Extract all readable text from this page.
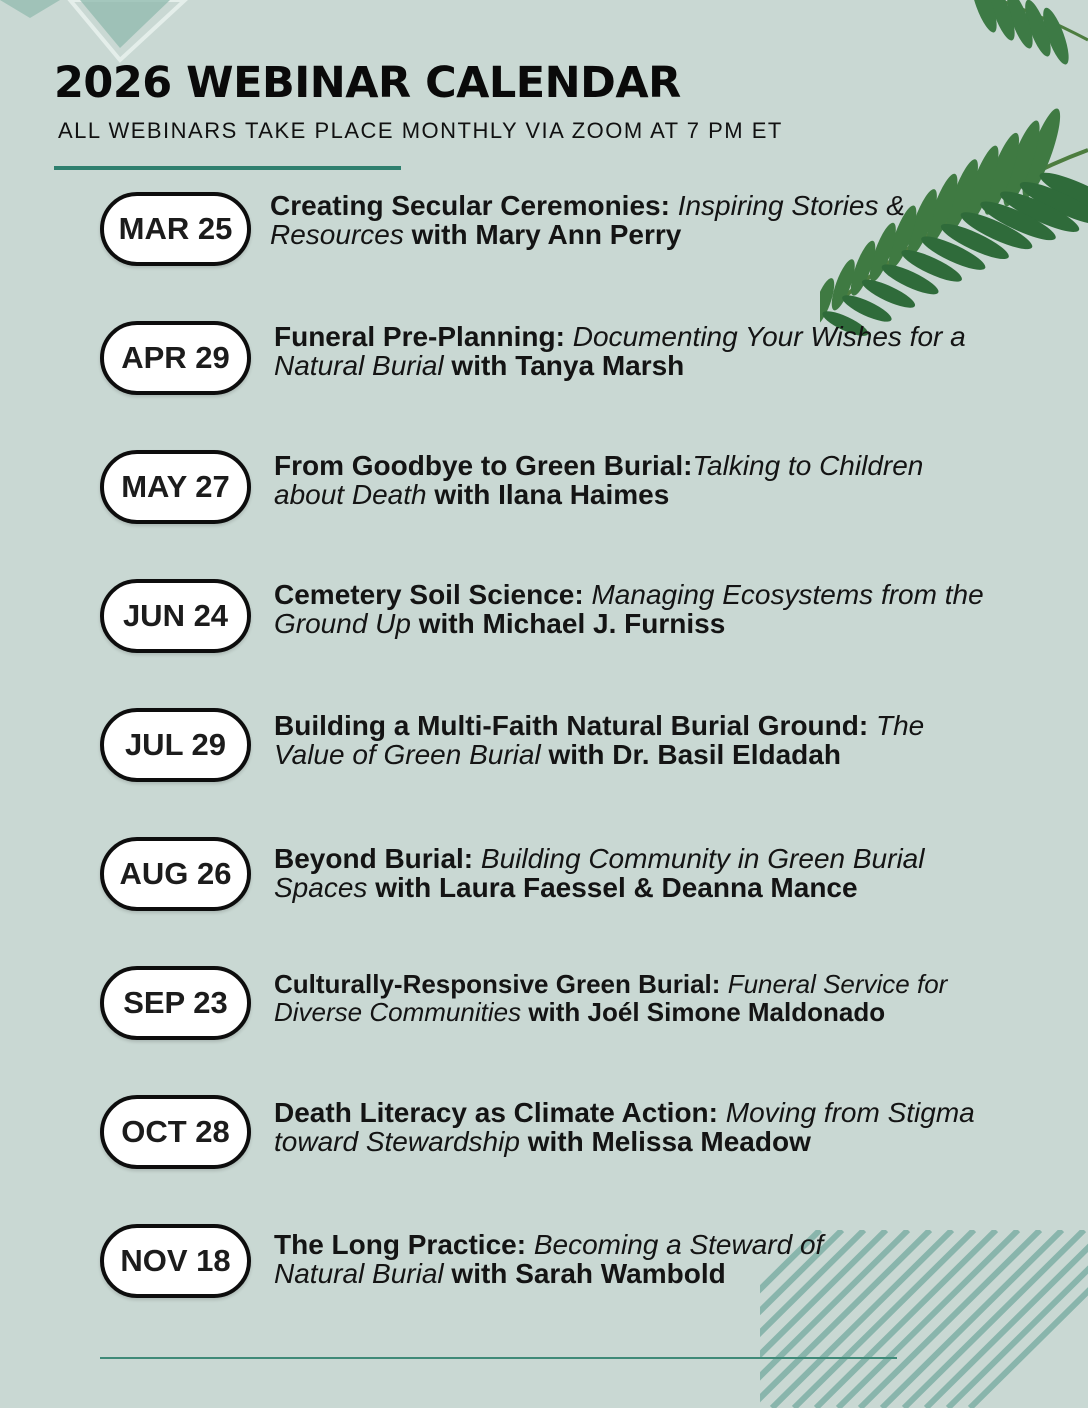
2026 WEBINAR CALENDAR
ALL WEBINARS TAKE PLACE MONTHLY VIA ZOOM AT 7 PM ET
MAR 25
Creating Secular Ceremonies: Inspiring Stories & Resources with Mary Ann Perry
APR 29
Funeral Pre-Planning: Documenting Your Wishes for a Natural Burial with Tanya Marsh
MAY 27
From Goodbye to Green Burial:Talking to Children about Death with Ilana Haimes
JUN 24
Cemetery Soil Science: Managing Ecosystems from the Ground Up with Michael J. Furniss
JUL 29
Building a Multi-Faith Natural Burial Ground: The Value of Green Burial with Dr. Basil Eldadah
AUG 26	Beyond Burial: Building Community in Green Burial Spaces with Laura Faessel & Deanna Mance
SEP 23
Culturally-Responsive Green Burial: Funeral Service for Diverse Communities with Joél Simone Maldonado
OCT 28
Death Literacy as Climate Action: Moving from Stigma toward Stewardship with Melissa Meadow
NOV 18	The Long Practice: Becoming a Steward of Natural Burial with Sarah Wambold
